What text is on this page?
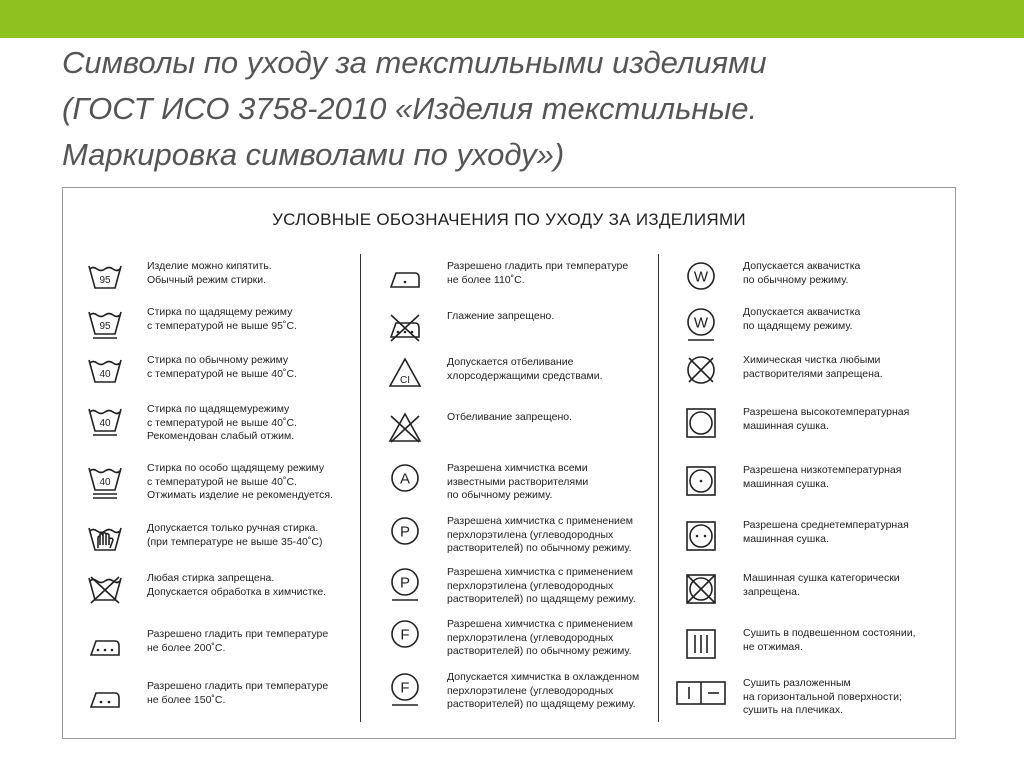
Символы по уходу за текстильными изделиями
(ГОСТ ИСО 3758-2010 «Изделия текстильные.
Маркировка символами по уходу»)
УСЛОВНЫЕ ОБОЗНАЧЕНИЯ ПО УХОДУ ЗА ИЗДЕЛИЯМИ
95
Изделие можно кипятить.
Обычный режим стирки.
95
Стирка по щадящему режиму
с температурой не выше 95˚С.
40
Стирка по обычному режиму
с температурой не выше 40˚С.
40
Стирка по щадящемурежиму
с температурой не выше 40˚С.
Рекомендован слабый отжим.
40
Стирка по особо щадящему режиму
с температурой не выше 40˚С.
Отжимать изделие не рекомендуется.
Допускается только ручная стирка.
(при температуре не выше 35-40˚С)
Любая стирка запрещена.
Допускается обработка в химчистке.
Разрешено гладить при температуре
не более 200˚С.
Разрешено гладить при температуре
не более 150˚С.
Разрешено гладить при температуре
не более 110˚С.
Глажение запрещено.
CI
Допускается отбеливание
хлорсодержащими средствами.
Отбеливание запрещено.
A
Разрешена химчистка всеми
известными растворителями
по обычному режиму.
P
Разрешена химчистка с применением
перхлорэтилена (углеводородных
растворителей) по обычному режиму.
P
Разрешена химчистка с применением
перхлорэтилена (углеводородных
растворителей) по щадящему режиму.
F
Разрешена химчистка с применением
перхлорэтилена (углеводородных
растворителей) по обычному режиму.
F
Допускается химчистка в охлажденном
перхлорэтилене (углеводородных
растворителей) по щадящему режиму.
W
Допускается аквачистка
по обычному режиму.
W
Допускается аквачистка
по щадящему режиму.
Химическая чистка любыми
растворителями запрещена.
Разрешена высокотемпературная
машинная сушка.
Разрешена низкотемпературная
машинная сушка.
Разрешена среднетемпературная
машинная сушка.
Машинная сушка категорически
запрещена.
Сушить в подвешенном состоянии,
не отжимая.
Сушить разложенным
на горизонтальной поверхности;
сушить на плечиках.
